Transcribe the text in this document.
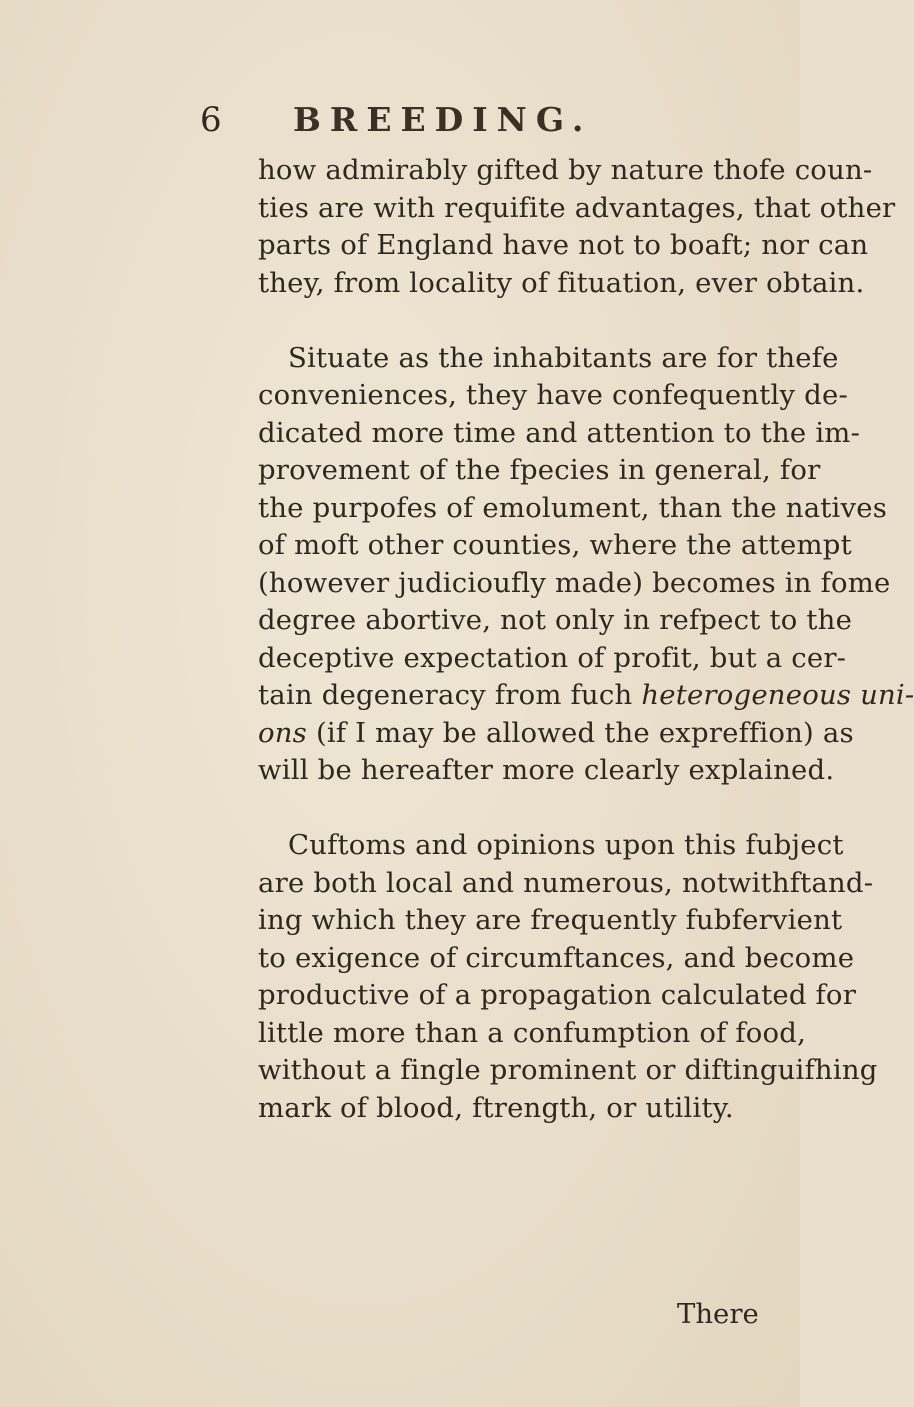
6 BREEDING.
how admirably gifted by nature thofe coun-
ties are with requifite advantages, that other
parts of England have not to boaft; nor can
they, from locality of fituation, ever obtain.
Situate as the inhabitants are for thefe
conveniences, they have confequently de-
dicated more time and attention to the im-
provement of the fpecies in general, for
the purpofes of emolument, than the natives
of moft other counties, where the attempt
(however judicioufly made) becomes in fome
degree abortive, not only in refpect to the
deceptive expectation of profit, but a cer-
tain degeneracy from fuch heterogeneous uni-
ons (if I may be allowed the expreffion) as
will be hereafter more clearly explained.
Cuftoms and opinions upon this fubject
are both local and numerous, notwithftand-
ing which they are frequently fubfervient
to exigence of circumftances, and become
productive of a propagation calculated for
little more than a confumption of food,
without a fingle prominent or diftinguifhing
mark of blood, ftrength, or utility.
There
